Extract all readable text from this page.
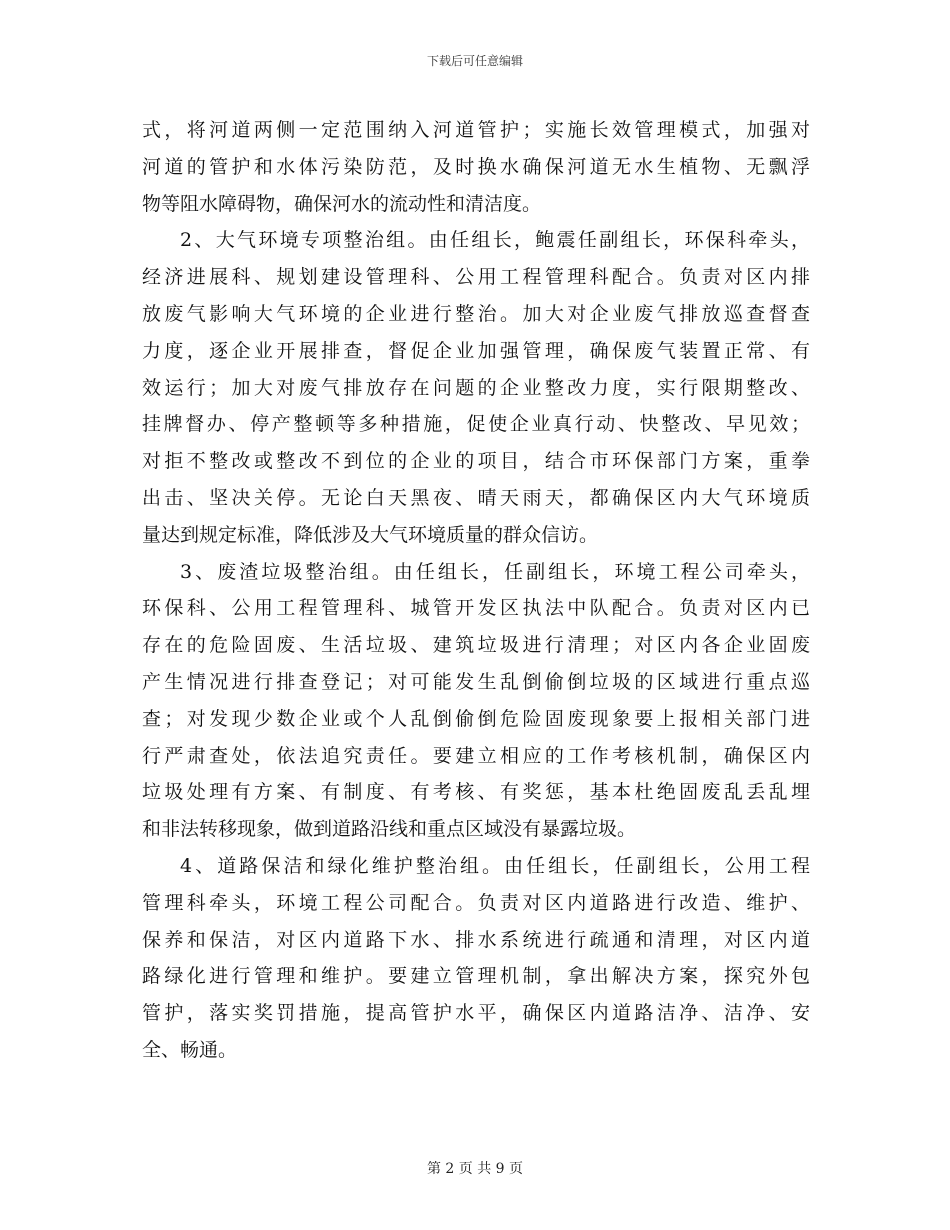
下载后可任意编辑
式，将河道两侧一定范围纳入河道管护；实施长效管理模式，加强对
河道的管护和水体污染防范，及时换水确保河道无水生植物、无飘浮
物等阻水障碍物，确保河水的流动性和清洁度。
2、大气环境专项整治组。由任组长，鲍震任副组长，环保科牵头，
经济进展科、规划建设管理科、公用工程管理科配合。负责对区内排
放废气影响大气环境的企业进行整治。加大对企业废气排放巡查督查
力度，逐企业开展排查，督促企业加强管理，确保废气装置正常、有
效运行；加大对废气排放存在问题的企业整改力度，实行限期整改、
挂牌督办、停产整顿等多种措施，促使企业真行动、快整改、早见效；
对拒不整改或整改不到位的企业的项目，结合市环保部门方案，重拳
出击、坚决关停。无论白天黑夜、晴天雨天，都确保区内大气环境质
量达到规定标准，降低涉及大气环境质量的群众信访。
3、废渣垃圾整治组。由任组长，任副组长，环境工程公司牵头，
环保科、公用工程管理科、城管开发区执法中队配合。负责对区内已
存在的危险固废、生活垃圾、建筑垃圾进行清理；对区内各企业固废
产生情况进行排查登记；对可能发生乱倒偷倒垃圾的区域进行重点巡
查；对发现少数企业或个人乱倒偷倒危险固废现象要上报相关部门进
行严肃查处，依法追究责任。要建立相应的工作考核机制，确保区内
垃圾处理有方案、有制度、有考核、有奖惩，基本杜绝固废乱丢乱埋
和非法转移现象，做到道路沿线和重点区域没有暴露垃圾。
4、道路保洁和绿化维护整治组。由任组长，任副组长，公用工程
管理科牵头，环境工程公司配合。负责对区内道路进行改造、维护、
保养和保洁，对区内道路下水、排水系统进行疏通和清理，对区内道
路绿化进行管理和维护。要建立管理机制，拿出解决方案，探究外包
管护，落实奖罚措施，提高管护水平，确保区内道路洁净、洁净、安
全、畅通。
第 2 页 共 9 页
